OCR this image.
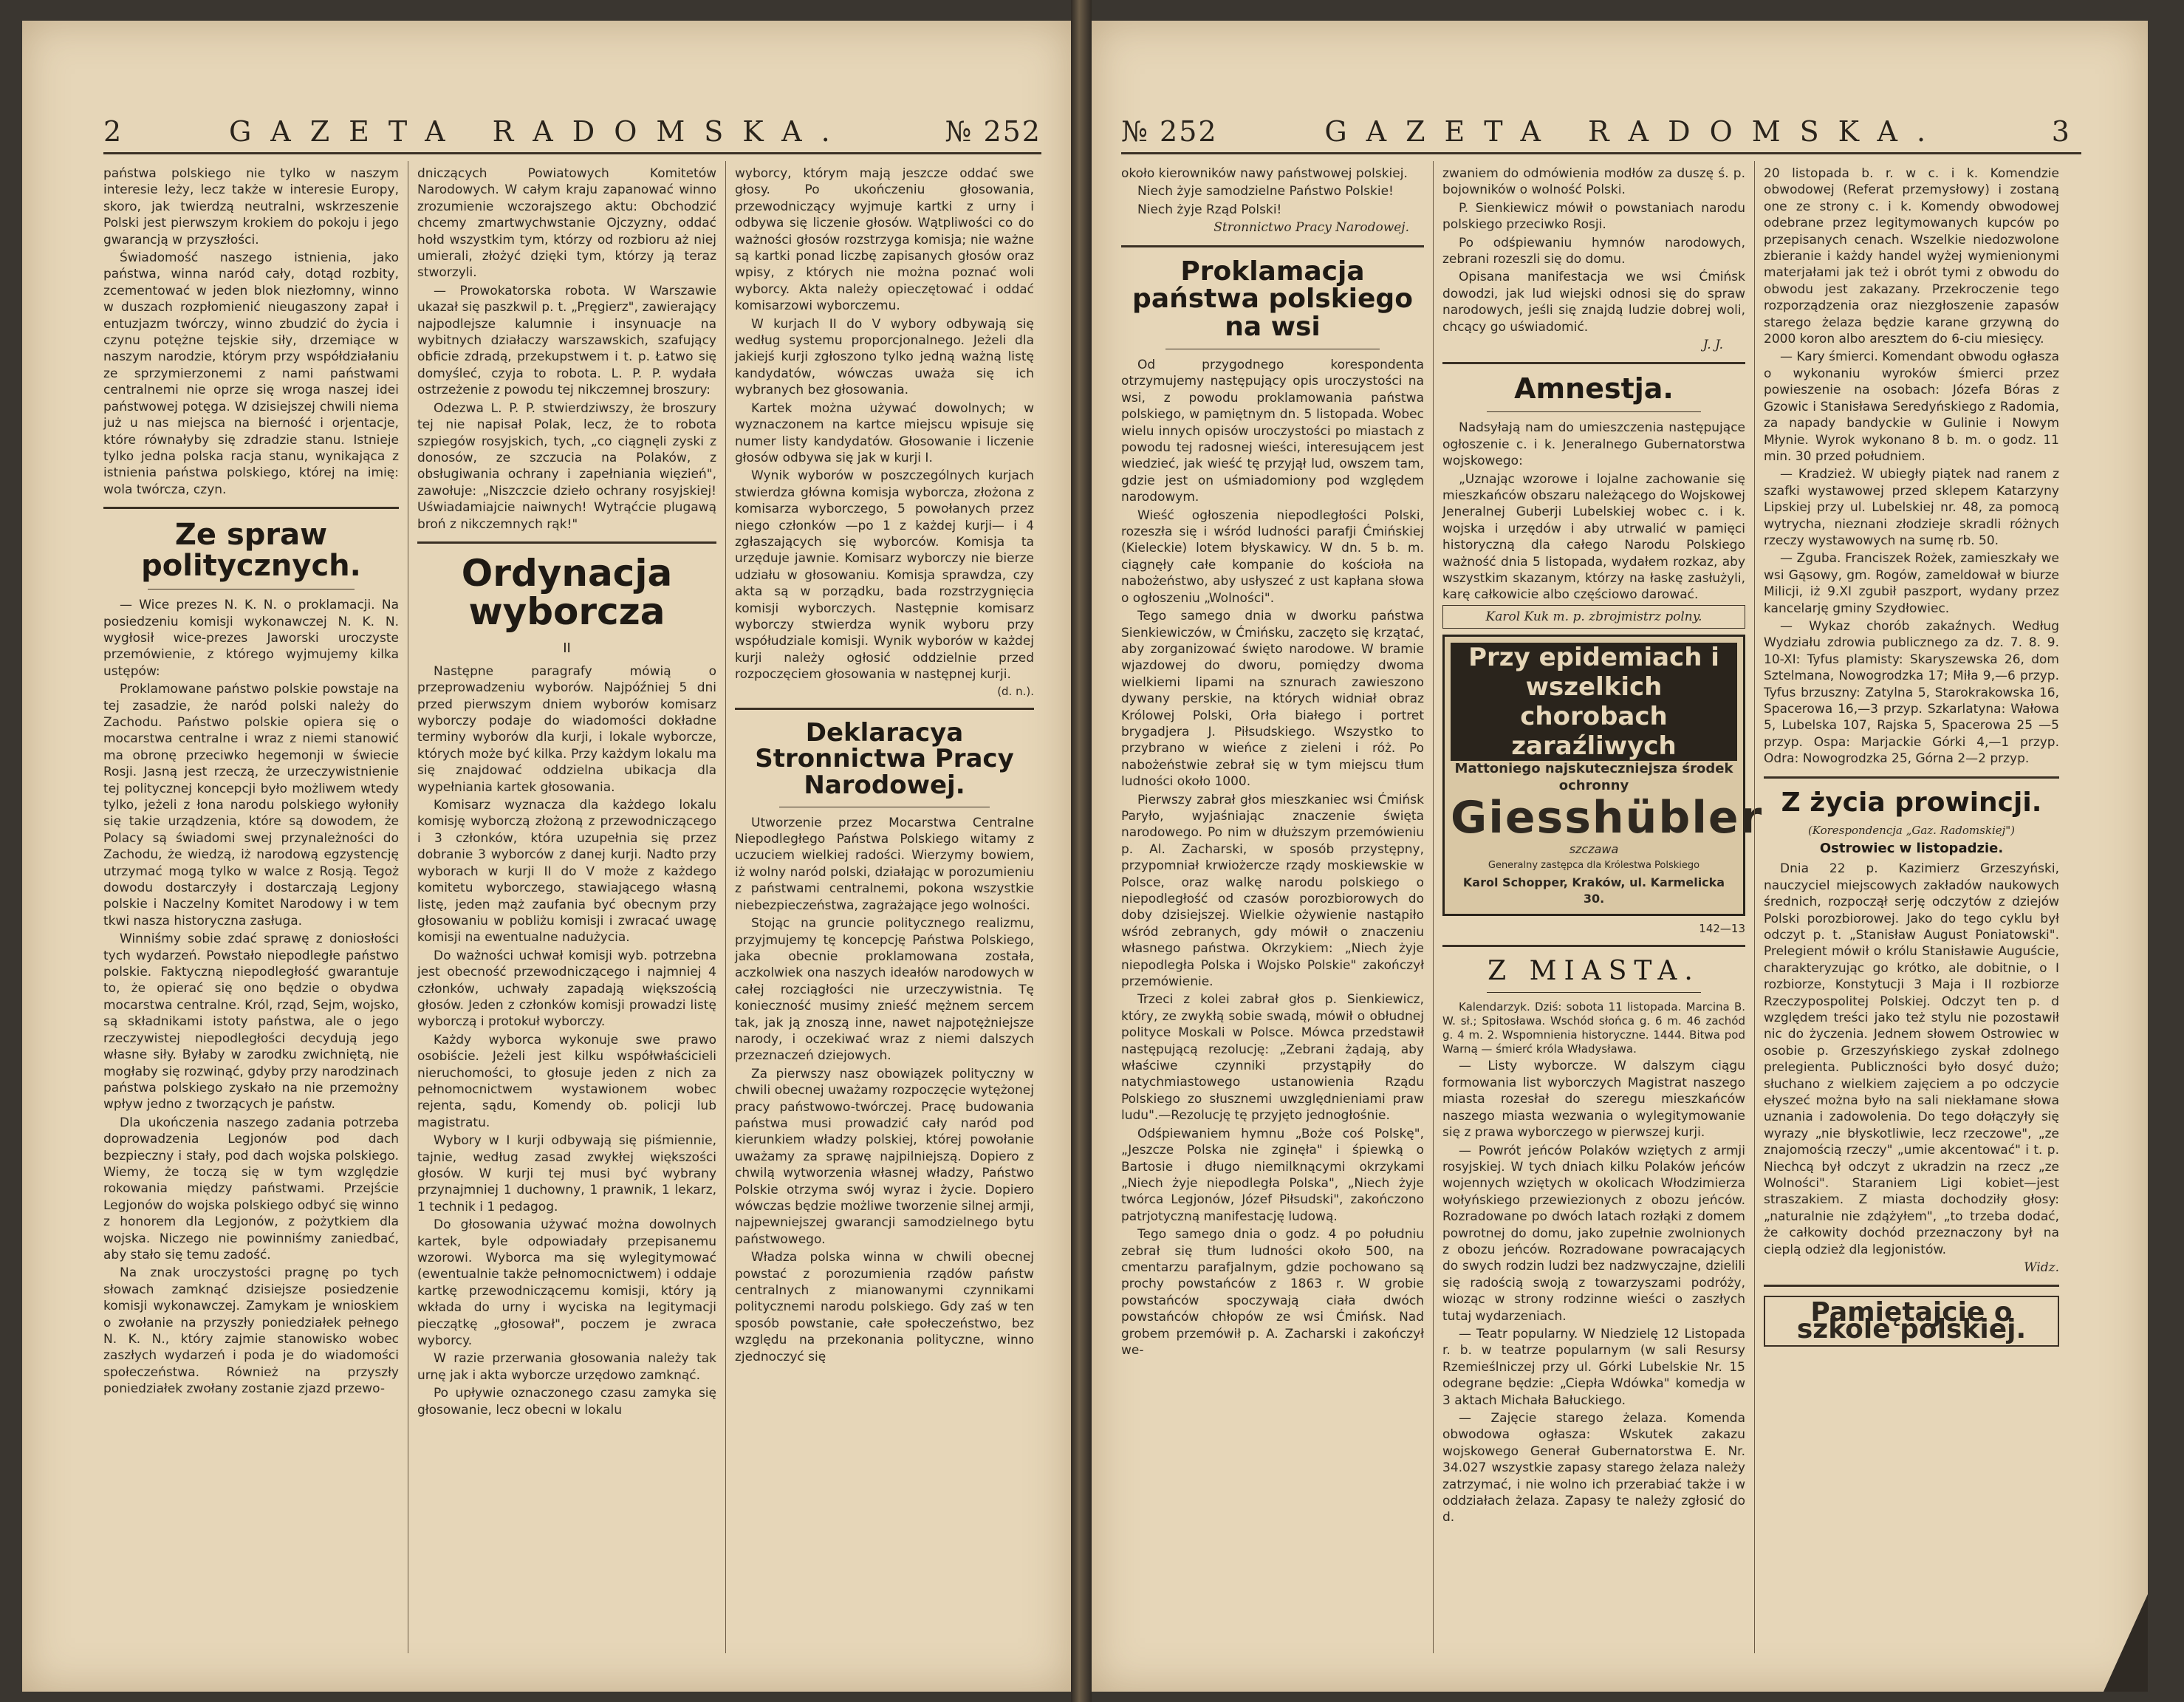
2	GAZETA RADOMSKA.	№ 252

państwa polskiego nie tylko w naszym interesie leży, lecz także w interesie Europy, skoro, jak twierdzą neutralni, wskrzeszenie Polski jest pierwszym krokiem do pokoju i jego gwarancją w przyszłości.

Świadomość naszego istnienia, jako państwa, winna naród cały, dotąd rozbity, zcementować w jeden blok niezłomny, winno w duszach rozpłomienić nieugaszony zapał i entuzjazm twórczy, winno zbudzić do życia i czynu potężne tejskie siły, drzemiące w naszym narodzie, którym przy współdziałaniu ze sprzymierzonemi z nami państwami centralnemi nie oprze się wroga naszej idei państwowej potęga. W dzisiejszej chwili niema już u nas miejsca na bierność i orjentacje, które równałyby się zdradzie stanu. Istnieje tylko jedna polska racja stanu, wynikająca z istnienia państwa polskiego, której na imię: wola twórcza, czyn.

Ze spraw politycznych.

— Wice prezes N. K. N. o proklamacji. Na posiedzeniu komisji wykonawczej N. K. N. wygłosił wice-prezes Jaworski uroczyste przemówienie, z którego wyjmujemy kilka ustępów:

Proklamowane państwo polskie powstaje na tej zasadzie, że naród polski należy do Zachodu. Państwo polskie opiera się o mocarstwa centralne i wraz z niemi stanowić ma obronę przeciwko hegemonji w świecie Rosji. Jasną jest rzeczą, że urzeczywistnienie tej politycznej koncepcji było możliwem wtedy tylko, jeżeli z łona narodu polskiego wyłoniły się takie urządzenia, które są dowodem, że Polacy są świadomi swej przynależności do Zachodu, że wiedzą, iż narodową egzystencję utrzymać mogą tylko w walce z Rosją. Tegoż dowodu dostarczyły i dostarczają Legjony polskie i Naczelny Komitet Narodowy i w tem tkwi nasza historyczna zasługa.

Winniśmy sobie zdać sprawę z doniosłości tych wydarzeń. Powstało niepodległe państwo polskie. Faktyczną niepodległość gwarantuje to, że opierać się ono będzie o obydwa mocarstwa centralne. Król, rząd, Sejm, wojsko, są składnikami istoty państwa, ale o jego rzeczywistej niepodległości decydują jego własne siły. Byłaby w zarodku zwichniętą, nie mogłaby się rozwinąć, gdyby przy narodzinach państwa polskiego zyskało na nie przemożny wpływ jedno z tworzących je państw.

Dla ukończenia naszego zadania potrzeba doprowadzenia Legjonów pod dach bezpieczny i stały, pod dach wojska polskiego. Wiemy, że toczą się w tym względzie rokowania między państwami. Przejście Legjonów do wojska polskiego odbyć się winno z honorem dla Legjonów, z pożytkiem dla wojska. Niczego nie powinniśmy zaniedbać, aby stało się temu zadość.

Na znak uroczystości pragnę po tych słowach zamknąć dzisiejsze posiedzenie komisji wykonawczej. Zamykam je wnioskiem o zwołanie na przyszły poniedziałek pełnego N. K. N., który zajmie stanowisko wobec zaszłych wydarzeń i poda je do wiadomości społeczeństwa. Również na przyszły poniedziałek zwołany zostanie zjazd przewo-

dniczących Powiatowych Komitetów Narodowych. W całym kraju zapanować winno zrozumienie wczorajszego aktu: Obchodzić chcemy zmartwychwstanie Ojczyzny, oddać hołd wszystkim tym, którzy od rozbioru aż niej umierali, złożyć dzięki tym, którzy ją teraz stworzyli.

— Prowokatorska robota. W Warszawie ukazał się paszkwil p. t. „Pręgierz", zawierający najpodlejsze kalumnie i insynuacje na wybitnych działaczy warszawskich, szafujący obficie zdradą, przekupstwem i t. p. Łatwo się domyśleć, czyja to robota. L. P. P. wydała ostrzeżenie z powodu tej nikczemnej broszury:

Odezwa L. P. P. stwierdziwszy, że broszury tej nie napisał Polak, lecz, że to robota szpiegów rosyjskich, tych, „co ciągnęli zyski z donosów, ze szczucia na Polaków, z obsługiwania ochrany i zapełniania więzień", zawołuje: „Niszczcie dzieło ochrany rosyjskiej! Uświadamiajcie naiwnych! Wytrąćcie plugawą broń z nikczemnych rąk!"

Ordynacja wyborcza
II

Następne paragrafy mówią o przeprowadzeniu wyborów. Najpóźniej 5 dni przed pierwszym dniem wyborów komisarz wyborczy podaje do wiadomości dokładne terminy wyborów dla kurji, i lokale wyborcze, których może być kilka. Przy każdym lokalu ma się znajdować oddzielna ubikacja dla wypełniania kartek głosowania.

Komisarz wyznacza dla każdego lokalu komisję wyborczą złożoną z przewodniczącego i 3 członków, która uzupełnia się przez dobranie 3 wyborców z danej kurji. Nadto przy wyborach w kurji II do V może z każdego komitetu wyborczego, stawiającego własną listę, jeden mąż zaufania być obecnym przy głosowaniu w pobliżu komisji i zwracać uwagę komisji na ewentualne nadużycia.

Do ważności uchwał komisji wyb. potrzebna jest obecność przewodniczącego i najmniej 4 członków, uchwały zapadają większością głosów. Jeden z członków komisji prowadzi listę wyborczą i protokuł wyborczy.

Każdy wyborca wykonuje swe prawo osobiście. Jeżeli jest kilku współwłaścicieli nieruchomości, to głosuje jeden z nich za pełnomocnictwem wystawionem wobec rejenta, sądu, Komendy ob. policji lub magistratu.

Wybory w I kurji odbywają się piśmiennie, tajnie, według zasad zwykłej większości głosów. W kurji tej musi być wybrany przynajmniej 1 duchowny, 1 prawnik, 1 lekarz, 1 technik i 1 pedagog.

Do głosowania używać można dowolnych kartek, byle odpowiadały przepisanemu wzorowi. Wyborca ma się wylegitymować (ewentualnie także pełnomocnictwem) i oddaje kartkę przewodniczącemu komisji, który ją wkłada do urny i wyciska na legitymacji pieczątkę „głosował", poczem je zwraca wyborcy.

W razie przerwania głosowania należy tak urnę jak i akta wyborcze urzędowo zamknąć.

Po upływie oznaczonego czasu zamyka się głosowanie, lecz obecni w lokalu

wyborcy, którym mają jeszcze oddać swe głosy. Po ukończeniu głosowania, przewodniczący wyjmuje kartki z urny i odbywa się liczenie głosów. Wątpliwości co do ważności głosów rozstrzyga komisja; nie ważne są kartki ponad liczbę zapisanych głosów oraz wpisy, z których nie można poznać woli wyborcy. Akta należy opieczętować i oddać komisarzowi wyborczemu.

W kurjach II do V wybory odbywają się według systemu proporcjonalnego. Jeżeli dla jakiejś kurji zgłoszono tylko jedną ważną listę kandydatów, wówczas uważa się ich wybranych bez głosowania.

Kartek można używać dowolnych; w wyznaczonem na kartce miejscu wpisuje się numer listy kandydatów. Głosowanie i liczenie głosów odbywa się jak w kurji I.

Wynik wyborów w poszczególnych kurjach stwierdza główna komisja wyborcza, złożona z komisarza wyborczego, 5 powołanych przez niego członków —po 1 z każdej kurji— i 4 zgłaszających się wyborców. Komisja ta urzęduje jawnie. Komisarz wyborczy nie bierze udziału w głosowaniu. Komisja sprawdza, czy akta są w porządku, bada rozstrzygnięcia komisji wyborczych. Następnie komisarz wyborczy stwierdza wynik wyboru przy współudziale komisji. Wynik wyborów w każdej kurji należy ogłosić oddzielnie przed rozpoczęciem głosowania w następnej kurji.

(d. n.).
Deklaracya Stronnictwa Pracy Narodowej.

Utworzenie przez Mocarstwa Centralne Niepodległego Państwa Polskiego witamy z uczuciem wielkiej radości. Wierzymy bowiem, iż wolny naród polski, działając w porozumieniu z państwami centralnemi, pokona wszystkie niebezpieczeństwa, zagrażające jego wolności.

Stojąc na gruncie politycznego realizmu, przyjmujemy tę koncepcję Państwa Polskiego, jaka obecnie proklamowana została, aczkolwiek ona naszych ideałów narodowych w całej rozciągłości nie urzeczywistnia. Tę konieczność musimy znieść mężnem sercem tak, jak ją znoszą inne, nawet najpotężniejsze narody, i oczekiwać wraz z niemi dalszych przeznaczeń dziejowych.

Za pierwszy nasz obowiązek polityczny w chwili obecnej uważamy rozpoczęcie wytężonej pracy państwowo-twórczej. Pracę budowania państwa musi prowadzić cały naród pod kierunkiem władzy polskiej, której powołanie uważamy za sprawę najpilniejszą. Dopiero z chwilą wytworzenia własnej władzy, Państwo Polskie otrzyma swój wyraz i życie. Dopiero wówczas będzie możliwe tworzenie silnej armji, najpewniejszej gwarancji samodzielnego bytu państwowego.

Władza polska winna w chwili obecnej powstać z porozumienia rządów państw centralnych z mianowanymi czynnikami politycznemi narodu polskiego. Gdy zaś w ten sposób powstanie, całe społeczeństwo, bez względu na przekonania polityczne, winno zjednoczyć się

№ 252	GAZETA RADOMSKA.	3

około kierowników nawy państwowej polskiej.

Niech żyje samodzielne Państwo Polskie!

Niech żyje Rząd Polski!

Stronnictwo Pracy Narodowej.
Proklamacja państwa polskiego na wsi

Od przygodnego korespondenta otrzymujemy następujący opis uroczystości na wsi, z powodu proklamowania państwa polskiego, w pamiętnym dn. 5 listopada. Wobec wielu innych opisów uroczystości po miastach z powodu tej radosnej wieści, interesującem jest wiedzieć, jak wieść tę przyjął lud, owszem tam, gdzie jest on uśmiadomiony pod względem narodowym.

Wieść ogłoszenia niepodległości Polski, rozeszła się i wśród ludności parafji Ćmińskiej (Kieleckie) lotem błyskawicy. W dn. 5 b. m. ciągnęły całe kompanie do kościoła na nabożeństwo, aby usłyszeć z ust kapłana słowa o ogłoszeniu „Wolności".

Tego samego dnia w dworku państwa Sienkiewiczów, w Ćmińsku, zaczęto się krzątać, aby zorganizować święto narodowe. W bramie wjazdowej do dworu, pomiędzy dwoma wielkiemi lipami na sznurach zawieszono dywany perskie, na których widniał obraz Królowej Polski, Orła białego i portret brygadjera J. Piłsudskiego. Wszystko to przybrano w wieńce z zieleni i róż. Po nabożeństwie zebrał się w tym miejscu tłum ludności około 1000.

Pierwszy zabrał głos mieszkaniec wsi Ćmińsk Paryło, wyjaśniając znaczenie święta narodowego. Po nim w dłuższym przemówieniu p. Al. Zacharski, w sposób przystępny, przypomniał krwiożercze rządy moskiewskie w Polsce, oraz walkę narodu polskiego o niepodległość od czasów porozbiorowych do doby dzisiejszej. Wielkie ożywienie nastąpiło wśród zebranych, gdy mówił o znaczeniu własnego państwa. Okrzykiem: „Niech żyje niepodległa Polska i Wojsko Polskie" zakończył przemówienie.

Trzeci z kolei zabrał głos p. Sienkiewicz, który, ze zwykłą sobie swadą, mówił o obłudnej polityce Moskali w Polsce. Mówca przedstawił następującą rezolucję: „Zebrani żądają, aby właściwe czynniki przystąpiły do natychmiastowego ustanowienia Rządu Polskiego zo słusznemi uwzględnieniami praw ludu".—Rezolucję tę przyjęto jednogłośnie.

Odśpiewaniem hymnu „Boże coś Polskę", „Jeszcze Polska nie zginęła" i śpiewką o Bartosie i długo niemilknącymi okrzykami „Niech żyje niepodległa Polska", „Niech żyje twórca Legjonów, Józef Piłsudski", zakończono patrjotyczną manifestację ludową.

Tego samego dnia o godz. 4 po południu zebrał się tłum ludności około 500, na cmentarzu parafjalnym, gdzie pochowano są prochy powstańców z 1863 r. W grobie powstańców spoczywają ciała dwóch powstańców chłopów ze wsi Ćmińsk. Nad grobem przemówił p. A. Zacharski i zakończył we-

zwaniem do odmówienia modłów za duszę ś. p. bojowników o wolność Polski.

P. Sienkiewicz mówił o powstaniach narodu polskiego przeciwko Rosji.

Po odśpiewaniu hymnów narodowych, zebrani rozeszli się do domu.

Opisana manifestacja we wsi Ćmińsk dowodzi, jak lud wiejski odnosi się do spraw narodowych, jeśli się znajdą ludzie dobrej woli, chcący go uświadomić.

J. J.
Amnestja.

Nadsyłają nam do umieszczenia następujące ogłoszenie c. i k. Jeneralnego Gubernatorstwa wojskowego:

„Uznając wzorowe i lojalne zachowanie się mieszkańców obszaru należącego do Wojskowej Jeneralnej Guberji Lubelskiej wobec c. i k. wojska i urzędów i aby utrwalić w pamięci historyczną dla całego Narodu Polskiego ważność dnia 5 listopada, wydałem rozkaz, aby wszystkim skazanym, którzy na łaskę zasłużyli, karę całkowicie albo częściowo darować.

Karol Kuk m. p. zbrojmistrz polny.
Przy epidemiach i wszelkich
chorobach zaraźliwych
Mattoniego najskuteczniejsza środek ochronny
Giesshübler
szczawa
Generalny zastępca dla Królestwa Polskiego
Karol Schopper, Kraków, ul. Karmelicka 30.
142—13
Z MIASTA.

Kalendarzyk. Dziś: sobota 11 listopada. Marcina B. W. sł.; Spitosława. Wschód słońca g. 6 m. 46 zachód g. 4 m. 2. Wspomnienia historyczne. 1444. Bitwa pod Warną — śmierć króla Władysława.

— Listy wyborcze. W dalszym ciągu formowania list wyborczych Magistrat naszego miasta rozesłał do szeregu mieszkańców naszego miasta wezwania o wylegitymowanie się z prawa wyborczego w pierwszej kurji.

— Powrót jeńców Polaków wziętych z armji rosyjskiej. W tych dniach kilku Polaków jeńców wojennych wziętych w okolicach Włodzimierza wołyńskiego przewiezionych z obozu jeńców. Rozradowane po dwóch latach rozłąki z domem powrotnej do domu, jako zupełnie zwolnionych z obozu jeńców. Rozradowane powracających do swych rodzin ludzi bez nadzwyczajne, dzielili się radością swoją z towarzyszami podróży, wioząc w strony rodzinne wieści o zaszłych tutaj wydarzeniach.

— Teatr popularny. W Niedzielę 12 Listopada r. b. w teatrze popularnym (w sali Resursy Rzemieślniczej przy ul. Górki Lubelskie Nr. 15 odegrane będzie: „Ciepła Wdówka" komedja w 3 aktach Michała Bałuckiego.

— Zajęcie starego żelaza. Komenda obwodowa ogłasza: Wskutek zakazu wojskowego Generał Gubernatorstwa E. Nr. 34.027 wszystkie zapasy starego żelaza należy zatrzymać, i nie wolno ich przerabiać także i w oddziałach żelaza. Zapasy te należy zgłosić do d.

20 listopada b. r. w c. i k. Komendzie obwodowej (Referat przemysłowy) i zostaną one ze strony c. i k. Komendy obwodowej odebrane przez legitymowanych kupców po przepisanych cenach. Wszelkie niedozwolone zbieranie i każdy handel wyżej wymienionymi materjałami jak też i obrót tymi z obwodu do obwodu jest zakazany. Przekroczenie tego rozporządzenia oraz niezgłoszenie zapasów starego żelaza będzie karane grzywną do 2000 koron albo aresztem do 6-ciu miesięcy.

— Kary śmierci. Komendant obwodu ogłasza o wykonaniu wyroków śmierci przez powieszenie na osobach: Józefa Bóras z Gzowic i Stanisława Seredyńskiego z Radomia, za napady bandyckie w Gulinie i Nowym Młynie. Wyrok wykonano 8 b. m. o godz. 11 min. 30 przed południem.

— Kradzież. W ubiegły piątek nad ranem z szafki wystawowej przed sklepem Katarzyny Lipskiej przy ul. Lubelskiej nr. 48, za pomocą wytrycha, nieznani złodzieje skradli różnych rzeczy wystawowych na sumę rb. 50.

— Zguba. Franciszek Rożek, zamieszkały we wsi Gąsowy, gm. Rogów, zameldował w biurze Milicji, iż 9.XI zgubił paszport, wydany przez kancelarję gminy Szydłowiec.

— Wykaz chorób zakaźnych. Według Wydziału zdrowia publicznego za dz. 7. 8. 9. 10-XI: Tyfus plamisty: Skaryszewska 26, dom Sztelmana, Nowogrodzka 17; Miła 9,—6 przyp. Tyfus brzuszny: Zatylna 5, Starokrakowska 16, Spacerowa 16,—3 przyp. Szkarlatyna: Wałowa 5, Lubelska 107, Rajska 5, Spacerowa 25 —5 przyp. Ospa: Marjackie Górki 4,—1 przyp. Odra: Nowogrodzka 25, Górna 2—2 przyp.

Z życia prowincji.
(Korespondencja „Gaz. Radomskiej")
Ostrowiec w listopadzie.

Dnia 22 p. Kazimierz Grzeszyński, nauczyciel miejscowych zakładów naukowych średnich, rozpoczął serję odczytów z dziejów Polski porozbiorowej. Jako do tego cyklu był odczyt p. t. „Stanisław August Poniatowski". Prelegient mówił o królu Stanisławie Auguście, charakteryzując go krótko, ale dobitnie, o I rozbiorze, Konstytucji 3 Maja i II rozbiorze Rzeczypospolitej Polskiej. Odczyt ten p. d względem treści jako też stylu nie pozostawił nic do życzenia. Jednem słowem Ostrowiec w osobie p. Grzeszyńskiego zyskał zdolnego prelegienta. Publiczności było dosyć dużo; słuchano z wielkiem zajęciem a po odczycie ełyszeć można było na sali niekłamane słowa uznania i zadowolenia. Do tego dołączyły się wyrazy „nie błyskotliwie, lecz rzeczowe", „ze znajomością rzeczy" „umie akcentować" i t. p. Niechcą był odczyt z ukradzin na rzecz „ze Wolności". Staraniem Ligi kobiet—jest straszakiem. Z miasta dochodziły głosy: „naturalnie nie zdążyłem", „to trzeba dodać, że całkowity dochód przeznaczony był na cieplą odzież dla legjonistów.

Widz.
Pamiętajcie o szkole polskiej.
